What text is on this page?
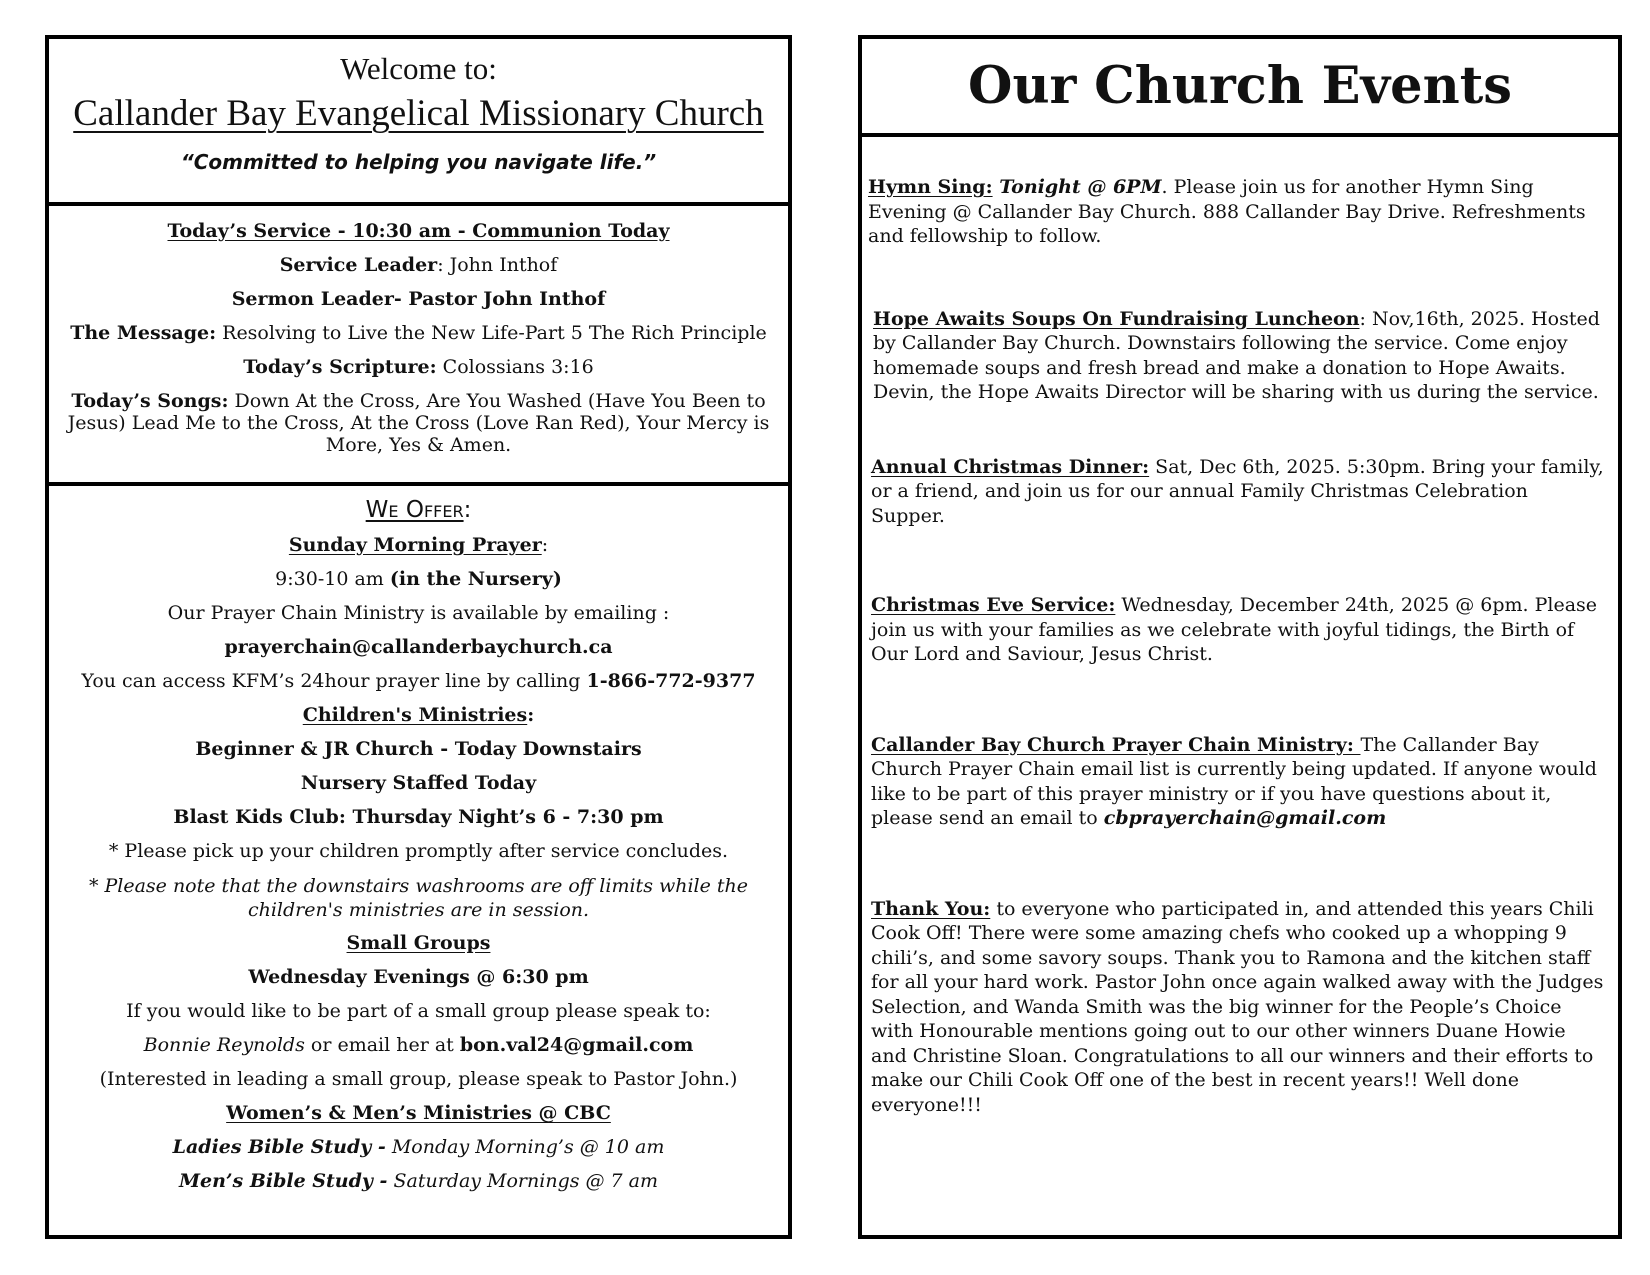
Welcome to:
Callander Bay Evangelical Missionary Church
“Committed to helping you navigate life.”
Today’s Service - 10:30 am - Communion Today
Service Leader: John Inthof
Sermon Leader- Pastor John Inthof
The Message: Resolving to Live the New Life-Part 5 The Rich Principle
Today’s Scripture: Colossians 3:16
Today’s Songs: Down At the Cross, Are You Washed (Have You Been to Jesus) Lead Me to the Cross, At the Cross (Love Ran Red), Your Mercy is More, Yes & Amen.
We Offer:
Sunday Morning Prayer:
9:30-10 am (in the Nursery)
Our Prayer Chain Ministry is available by emailing :
prayerchain@callanderbaychurch.ca
You can access KFM’s 24hour prayer line by calling 1-866-772-9377
Children's Ministries:
Beginner & JR Church - Today Downstairs
Nursery Staffed Today
Blast Kids Club: Thursday Night’s 6 - 7:30 pm
* Please pick up your children promptly after service concludes.
* Please note that the downstairs washrooms are off limits while the children's ministries are in session.
Small Groups
Wednesday Evenings @ 6:30 pm
If you would like to be part of a small group please speak to:
Bonnie Reynolds or email her at bon.val24@gmail.com
(Interested in leading a small group, please speak to Pastor John.)
Women’s & Men’s Ministries @ CBC
Ladies Bible Study - Monday Morning’s @ 10 am
Men’s Bible Study - Saturday Mornings @ 7 am
Our Church Events
Hymn Sing: Tonight @ 6PM. Please join us for another Hymn Sing Evening @ Callander Bay Church. 888 Callander Bay Drive. Refreshments and fellowship to follow.
Hope Awaits Soups On Fundraising Luncheon: Nov,16th, 2025. Hosted by Callander Bay Church. Downstairs following the service. Come enjoy homemade soups and fresh bread and make a donation to Hope Awaits. Devin, the Hope Awaits Director will be sharing with us during the service.
Annual Christmas Dinner: Sat, Dec 6th, 2025. 5:30pm. Bring your family, or a friend, and join us for our annual Family Christmas Celebration Supper.
Christmas Eve Service: Wednesday, December 24th, 2025 @ 6pm. Please join us with your families as we celebrate with joyful tidings, the Birth of Our Lord and Saviour, Jesus Christ.
Callander Bay Church Prayer Chain Ministry: The Callander Bay Church Prayer Chain email list is currently being updated. If anyone would like to be part of this prayer ministry or if you have questions about it, please send an email to cbprayerchain@gmail.com
Thank You: to everyone who participated in, and attended this years Chili Cook Off! There were some amazing chefs who cooked up a whopping 9 chili’s, and some savory soups. Thank you to Ramona and the kitchen staff for all your hard work. Pastor John once again walked away with the Judges Selection, and Wanda Smith was the big winner for the People’s Choice with Honourable mentions going out to our other winners Duane Howie and Christine Sloan. Congratulations to all our winners and their efforts to make our Chili Cook Off one of the best in recent years!! Well done everyone!!!
